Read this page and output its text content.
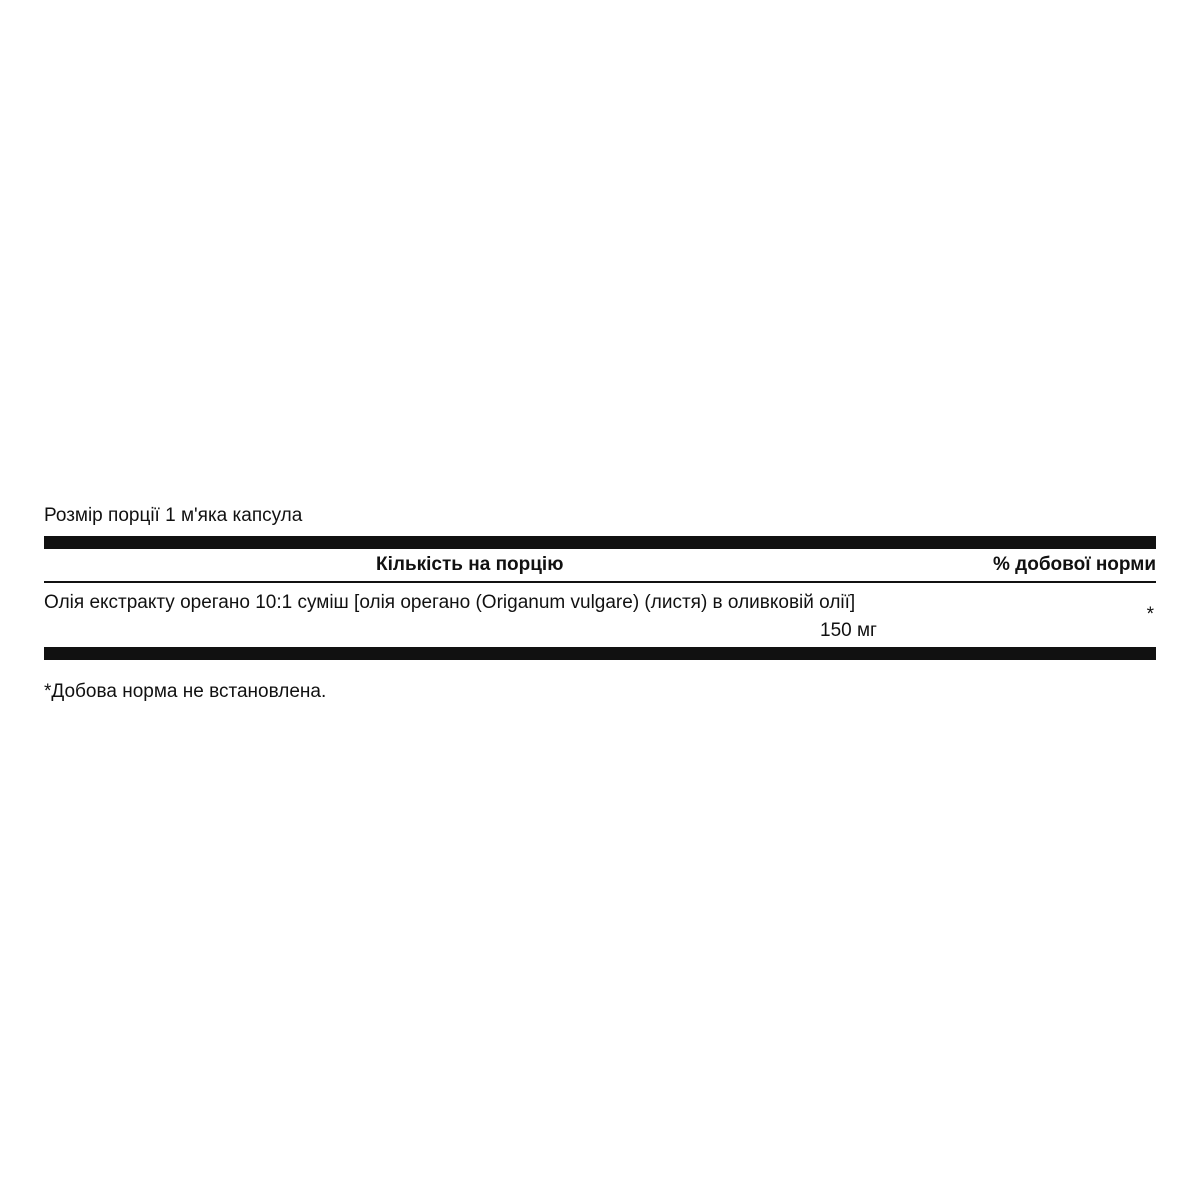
Розмір порції 1 м'яка капсула
Кількість на порцію	% добової норми
Олія екстракту орегано 10:1 суміш [олія орегано (Origanum vulgare) (листя) в оливковій олії]
150 мг
*
*Добова норма не встановлена.
